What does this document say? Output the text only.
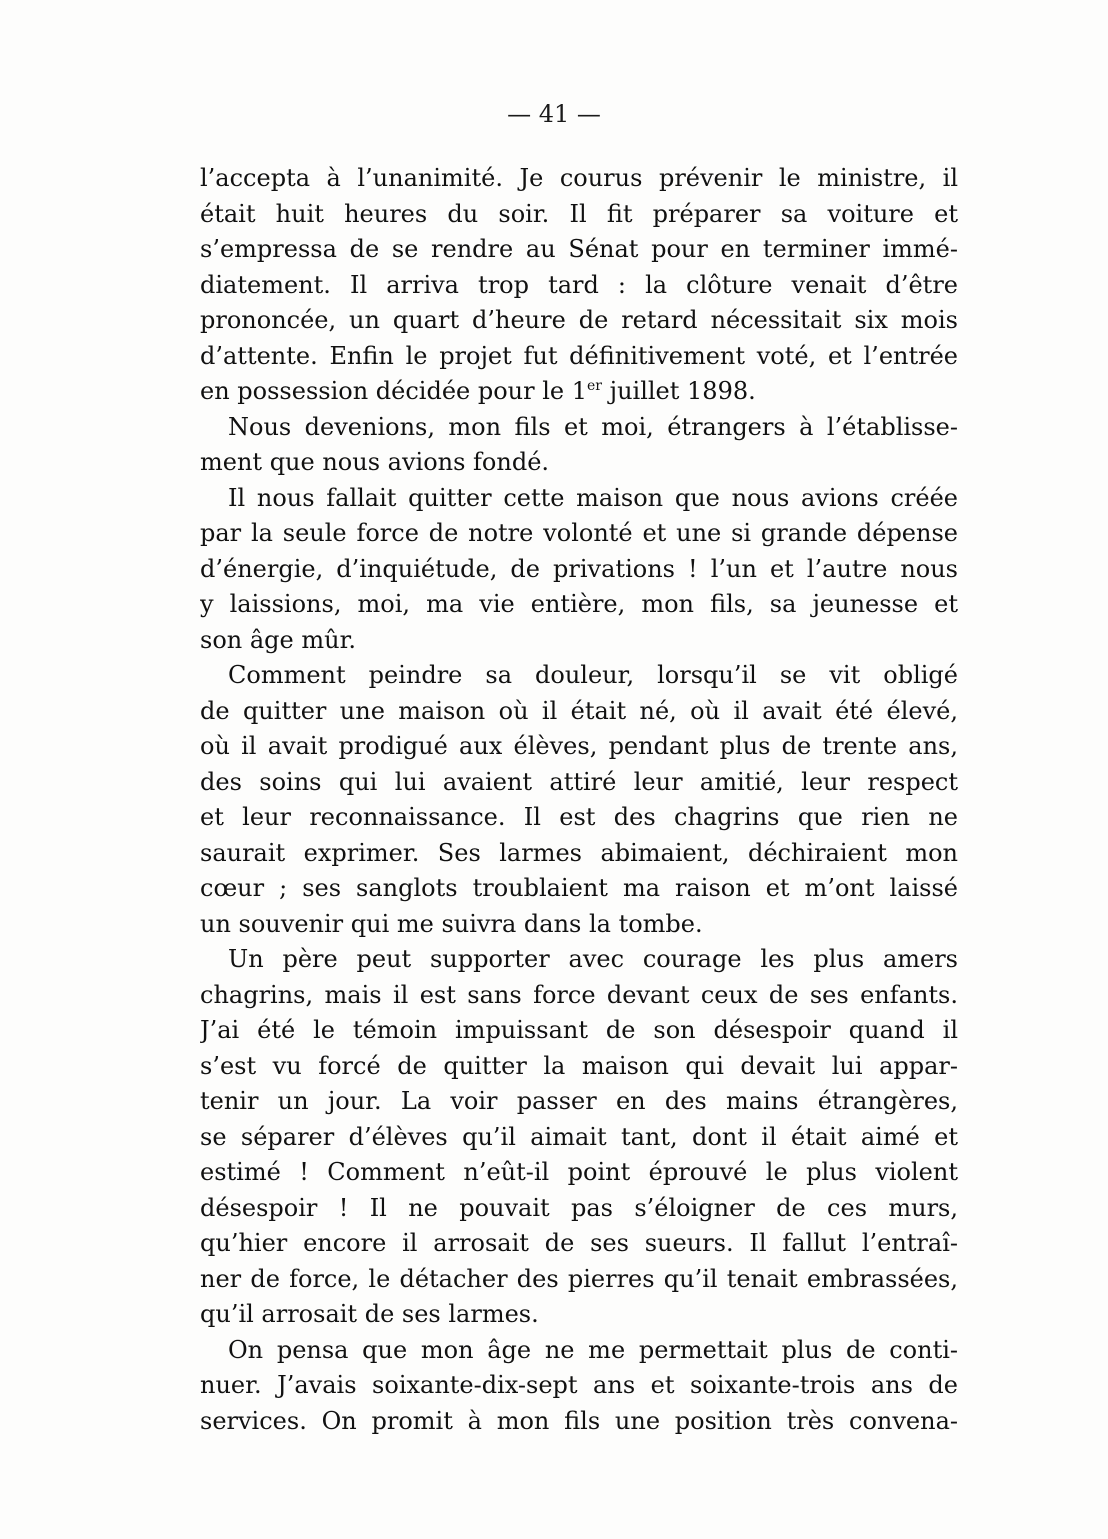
— 41 —
l’accepta à l’unanimité. Je courus prévenir le ministre, il
était huit heures du soir. Il fit préparer sa voiture et
s’empressa de se rendre au Sénat pour en terminer immé-
diatement. Il arriva trop tard : la clôture venait d’être
prononcée, un quart d’heure de retard nécessitait six mois
d’attente. Enfin le projet fut définitivement voté, et l’entrée
en possession décidée pour le 1er juillet 1898.
Nous devenions, mon fils et moi, étrangers à l’établisse-
ment que nous avions fondé.
Il nous fallait quitter cette maison que nous avions créée
par la seule force de notre volonté et une si grande dépense
d’énergie, d’inquiétude, de privations ! l’un et l’autre nous
y laissions, moi, ma vie entière, mon fils, sa jeunesse et
son âge mûr.
Comment peindre sa douleur, lorsqu’il se vit obligé
de quitter une maison où il était né, où il avait été élevé,
où il avait prodigué aux élèves, pendant plus de trente ans,
des soins qui lui avaient attiré leur amitié, leur respect
et leur reconnaissance. Il est des chagrins que rien ne
saurait exprimer. Ses larmes abimaient, déchiraient mon
cœur ; ses sanglots troublaient ma raison et m’ont laissé
un souvenir qui me suivra dans la tombe.
Un père peut supporter avec courage les plus amers
chagrins, mais il est sans force devant ceux de ses enfants.
J’ai été le témoin impuissant de son désespoir quand il
s’est vu forcé de quitter la maison qui devait lui appar-
tenir un jour. La voir passer en des mains étrangères,
se séparer d’élèves qu’il aimait tant, dont il était aimé et
estimé ! Comment n’eût-il point éprouvé le plus violent
désespoir ! Il ne pouvait pas s’éloigner de ces murs,
qu’hier encore il arrosait de ses sueurs. Il fallut l’entraî-
ner de force, le détacher des pierres qu’il tenait embrassées,
qu’il arrosait de ses larmes.
On pensa que mon âge ne me permettait plus de conti-
nuer. J’avais soixante-dix-sept ans et soixante-trois ans de
services. On promit à mon fils une position très convena-
